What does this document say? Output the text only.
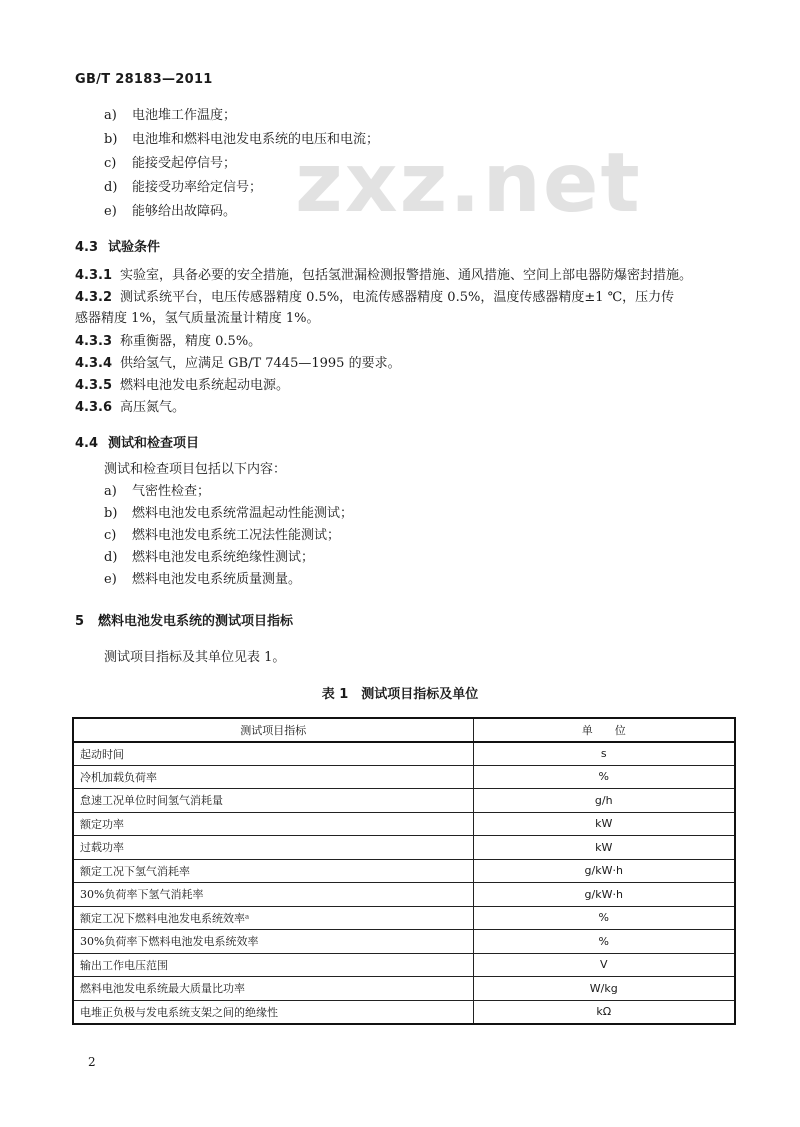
GB/T 28183—2011
zxz.net
a) 电池堆工作温度；
b) 电池堆和燃料电池发电系统的电压和电流；
c) 能接受起停信号；
d) 能接受功率给定信号；
e) 能够给出故障码。
4.3 试验条件
4.3.1 实验室，具备必要的安全措施，包括氢泄漏检测报警措施、通风措施、空间上部电器防爆密封措施。
4.3.2 测试系统平台，电压传感器精度 0.5%，电流传感器精度 0.5%，温度传感器精度±1 ℃，压力传
感器精度 1%，氢气质量流量计精度 1%。
4.3.3 称重衡器，精度 0.5%。
4.3.4 供给氢气，应满足 GB/T 7445—1995 的要求。
4.3.5 燃料电池发电系统起动电源。
4.3.6 高压氮气。
4.4 测试和检查项目
测试和检查项目包括以下内容：
a) 气密性检查；
b) 燃料电池发电系统常温起动性能测试；
c) 燃料电池发电系统工况法性能测试；
d) 燃料电池发电系统绝缘性测试；
e) 燃料电池发电系统质量测量。
5 燃料电池发电系统的测试项目指标
测试项目指标及其单位见表 1。
表 1　测试项目指标及单位
测试项目指标	单　　位
起动时间	s
冷机加载负荷率	%
怠速工况单位时间氢气消耗量	g/h
额定功率	kW
过载功率	kW
额定工况下氢气消耗率	g/kW·h
30%负荷率下氢气消耗率	g/kW·h
额定工况下燃料电池发电系统效率ᵃ	%
30%负荷率下燃料电池发电系统效率	%
输出工作电压范围	V
燃料电池发电系统最大质量比功率	W/kg
电堆正负极与发电系统支架之间的绝缘性	kΩ
2
